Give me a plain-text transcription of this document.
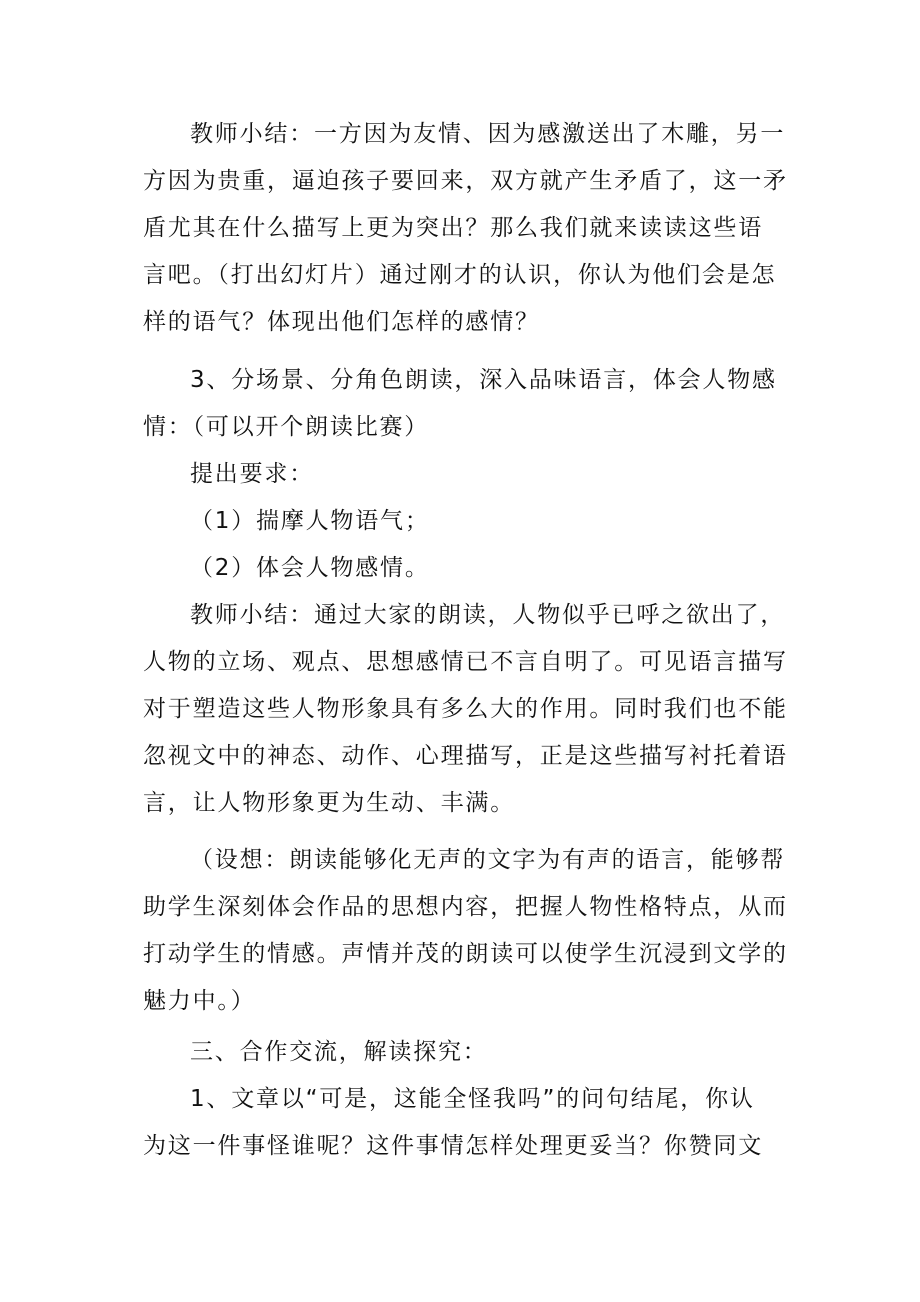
教师小结：一方因为友情、因为感激送出了木雕，另一
方因为贵重，逼迫孩子要回来，双方就产生矛盾了，这一矛
盾尤其在什么描写上更为突出？那么我们就来读读这些语
言吧。（打出幻灯片）通过刚才的认识，你认为他们会是怎
样的语气？体现出他们怎样的感情？
3、分场景、分角色朗读，深入品味语言，体会人物感
情：（可以开个朗读比赛）
提出要求：
（1）揣摩人物语气；
（2）体会人物感情。
教师小结：通过大家的朗读，人物似乎已呼之欲出了，
人物的立场、观点、思想感情已不言自明了。可见语言描写
对于塑造这些人物形象具有多么大的作用。同时我们也不能
忽视文中的神态、动作、心理描写，正是这些描写衬托着语
言，让人物形象更为生动、丰满。
（设想：朗读能够化无声的文字为有声的语言，能够帮
助学生深刻体会作品的思想内容，把握人物性格特点，从而
打动学生的情感。声情并茂的朗读可以使学生沉浸到文学的
魅力中。）
三、合作交流，解读探究：
1、文章以“可是，这能全怪我吗”的问句结尾，你认
为这一件事怪谁呢？这件事情怎样处理更妥当？你赞同文
